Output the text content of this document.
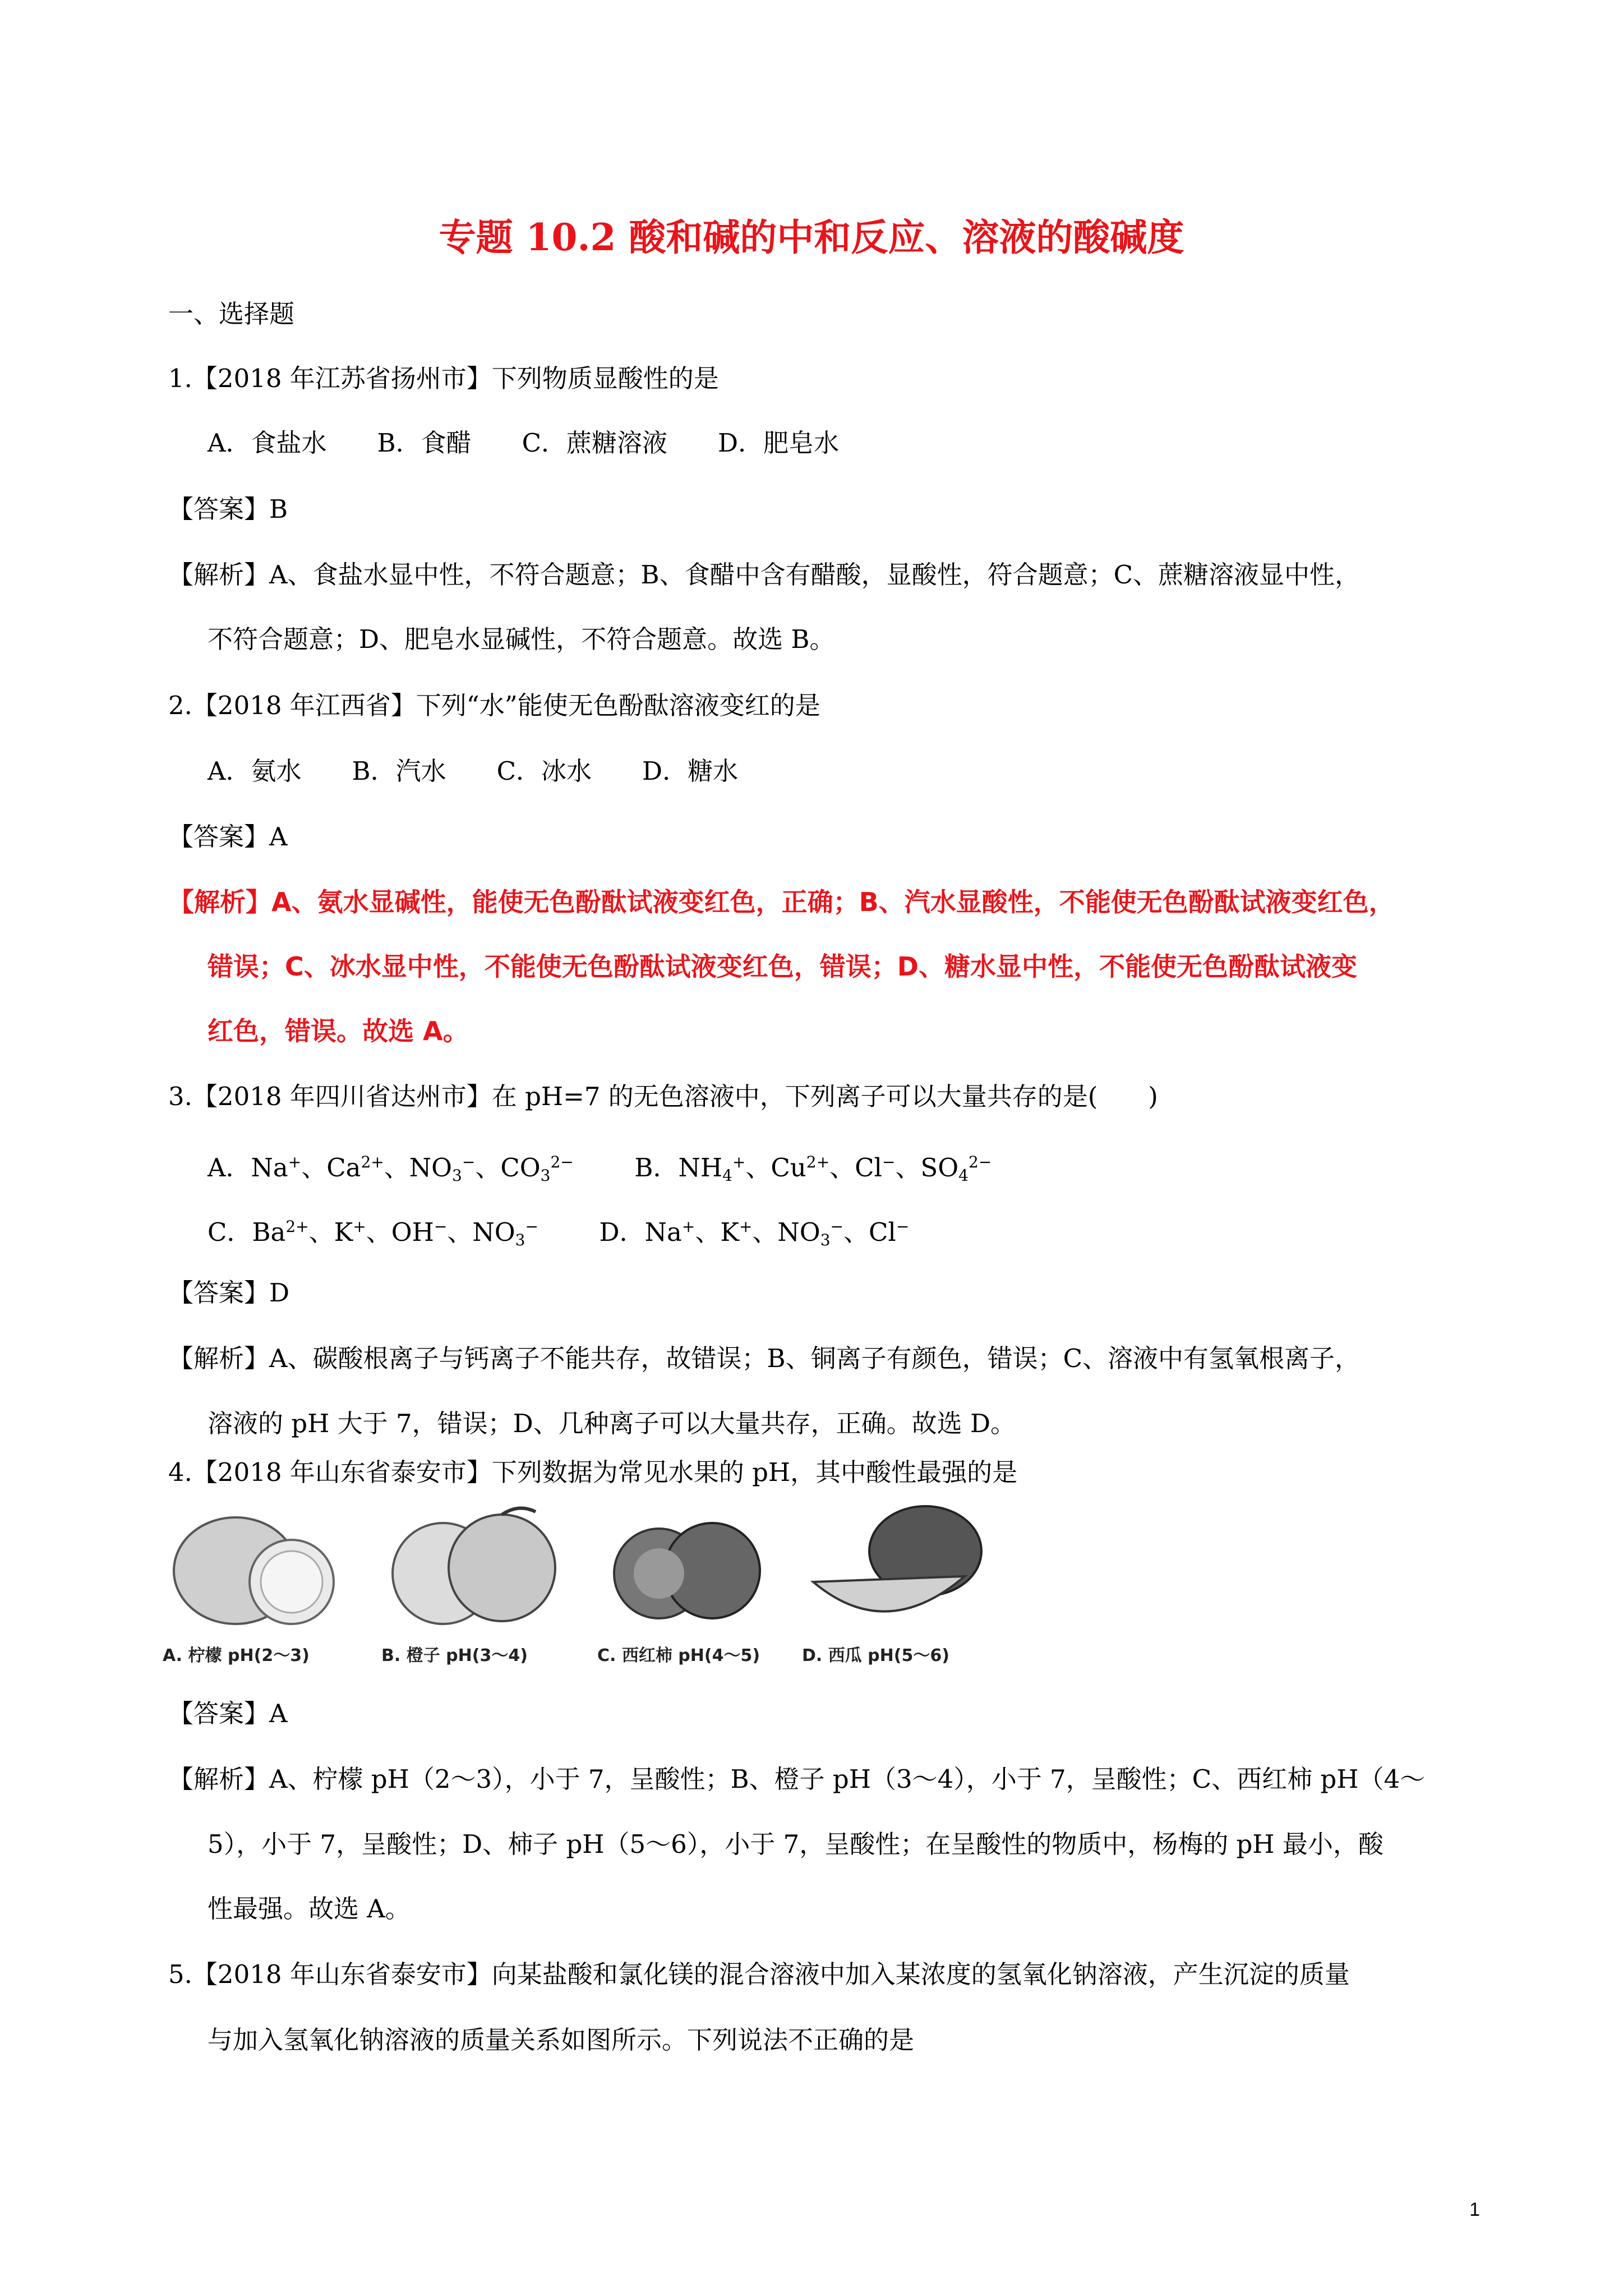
专题 10.2 酸和碱的中和反应、溶液的酸碱度
一、选择题
1.【2018 年江苏省扬州市】下列物质显酸性的是
A．食盐水　　B．食醋　　C．蔗糖溶液　　D．肥皂水
【答案】B
【解析】A、食盐水显中性，不符合题意；B、食醋中含有醋酸，显酸性，符合题意；C、蔗糖溶液显中性，
不符合题意；D、肥皂水显碱性，不符合题意。故选 B。
2.【2018 年江西省】下列“水”能使无色酚酞溶液变红的是
A．氨水　　B．汽水　　C．冰水　　D．糖水
【答案】A
【解析】A、氨水显碱性，能使无色酚酞试液变红色，正确；B、汽水显酸性，不能使无色酚酞试液变红色，
错误；C、冰水显中性，不能使无色酚酞试液变红色，错误；D、糖水显中性，不能使无色酚酞试液变
红色，错误。故选 A。
3.【2018 年四川省达州市】在 pH=7 的无色溶液中，下列离子可以大量共存的是(　　)
A．Na+、$Ca^{2+}$、$NO_3^-$、$CO_3^{2-}$ B．$NH_4^+$、$Cu^{2+}$、Cl−、$SO_4^{2-}$
C．$Ba^{2+}$、K+、OH−、$NO_3^-$ D．Na+、K+、$NO_3^-$、Cl−
【答案】D
【解析】A、碳酸根离子与钙离子不能共存，故错误；B、铜离子有颜色，错误；C、溶液中有氢氧根离子，
溶液的 pH 大于 7，错误；D、几种离子可以大量共存，正确。故选 D。
4.【2018 年山东省泰安市】下列数据为常见水果的 pH，其中酸性最强的是
A. 柠檬 pH(2～3)	B. 橙子 pH(3～4)	C. 西红柿 pH(4～5) D. 西瓜 pH(5～6)
【答案】A
【解析】A、柠檬 pH（2～3），小于 7，呈酸性；B、橙子 pH（3～4），小于 7，呈酸性；C、西红柿 pH（4～
5），小于 7，呈酸性；D、柿子 pH（5～6），小于 7，呈酸性；在呈酸性的物质中，杨梅的 pH 最小，酸
性最强。故选 A。
5.【2018 年山东省泰安市】向某盐酸和氯化镁的混合溶液中加入某浓度的氢氧化钠溶液，产生沉淀的质量
与加入氢氧化钠溶液的质量关系如图所示。下列说法不正确的是
1
